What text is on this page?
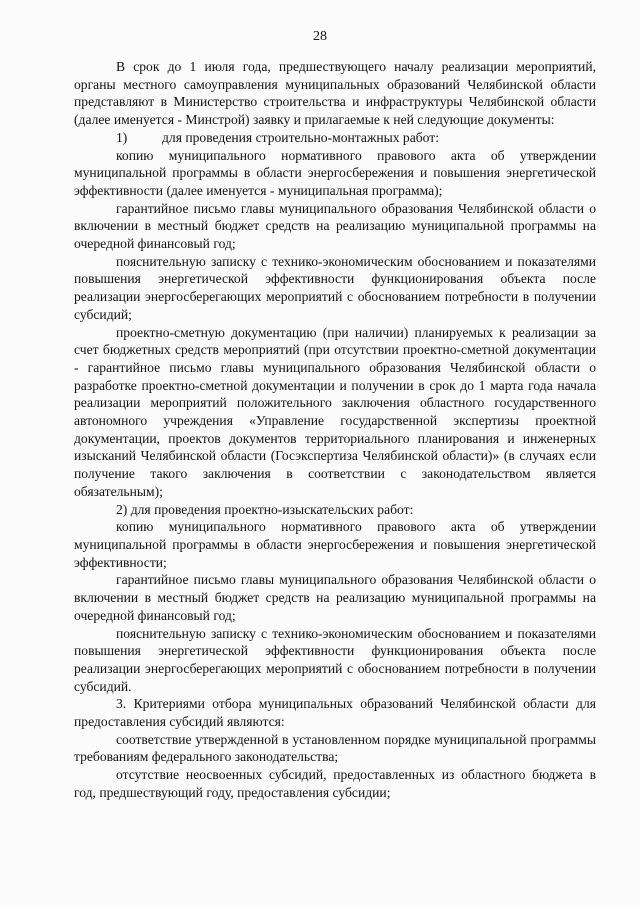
28

В срок до 1 июля года, предшествующего началу реализации мероприятий, органы местного самоуправления муниципальных образований Челябинской области представляют в Министерство строительства и инфраструктуры Челябинской области (далее именуется - Минстрой) заявку и прилагаемые к ней следующие документы:

1)	для проведения строительно-монтажных работ:

копию муниципального нормативного правового акта об утверждении муниципальной программы в области энергосбережения и повышения энергетической эффективности (далее именуется - муниципальная программа);

гарантийное письмо главы муниципального образования Челябинской области о включении в местный бюджет средств на реализацию муниципальной программы на очередной финансовый год;

пояснительную записку с технико-экономическим обоснованием и показателями повышения энергетической эффективности функционирования объекта после реализации энергосберегающих мероприятий с обоснованием потребности в получении субсидий;

проектно-сметную документацию (при наличии) планируемых к реализации за счет бюджетных средств мероприятий (при отсутствии проектно-сметной документации - гарантийное письмо главы муниципального образования Челябинской области о разработке проектно-сметной документации и получении в срок до 1 марта года начала реализации мероприятий положительного заключения областного государственного автономного учреждения «Управление государственной экспертизы проектной документации, проектов документов территориального планирования и инженерных изысканий Челябинской области (Госэкспертиза Челябинской области)» (в случаях если получение такого заключения в соответствии с законодательством является обязательным);

2) для проведения проектно-изыскательских работ:

копию муниципального нормативного правового акта об утверждении муниципальной программы в области энергосбережения и повышения энергетической эффективности;

гарантийное письмо главы муниципального образования Челябинской области о включении в местный бюджет средств на реализацию муниципальной программы на очередной финансовый год;

пояснительную записку с технико-экономическим обоснованием и показателями повышения энергетической эффективности функционирования объекта после реализации энергосберегающих мероприятий с обоснованием потребности в получении субсидий.

3. Критериями отбора муниципальных образований Челябинской области для предоставления субсидий являются:

соответствие утвержденной в установленном порядке муниципальной программы требованиям федерального законодательства;

отсутствие неосвоенных субсидий, предоставленных из областного бюджета в год, предшествующий году, предоставления субсидии;
